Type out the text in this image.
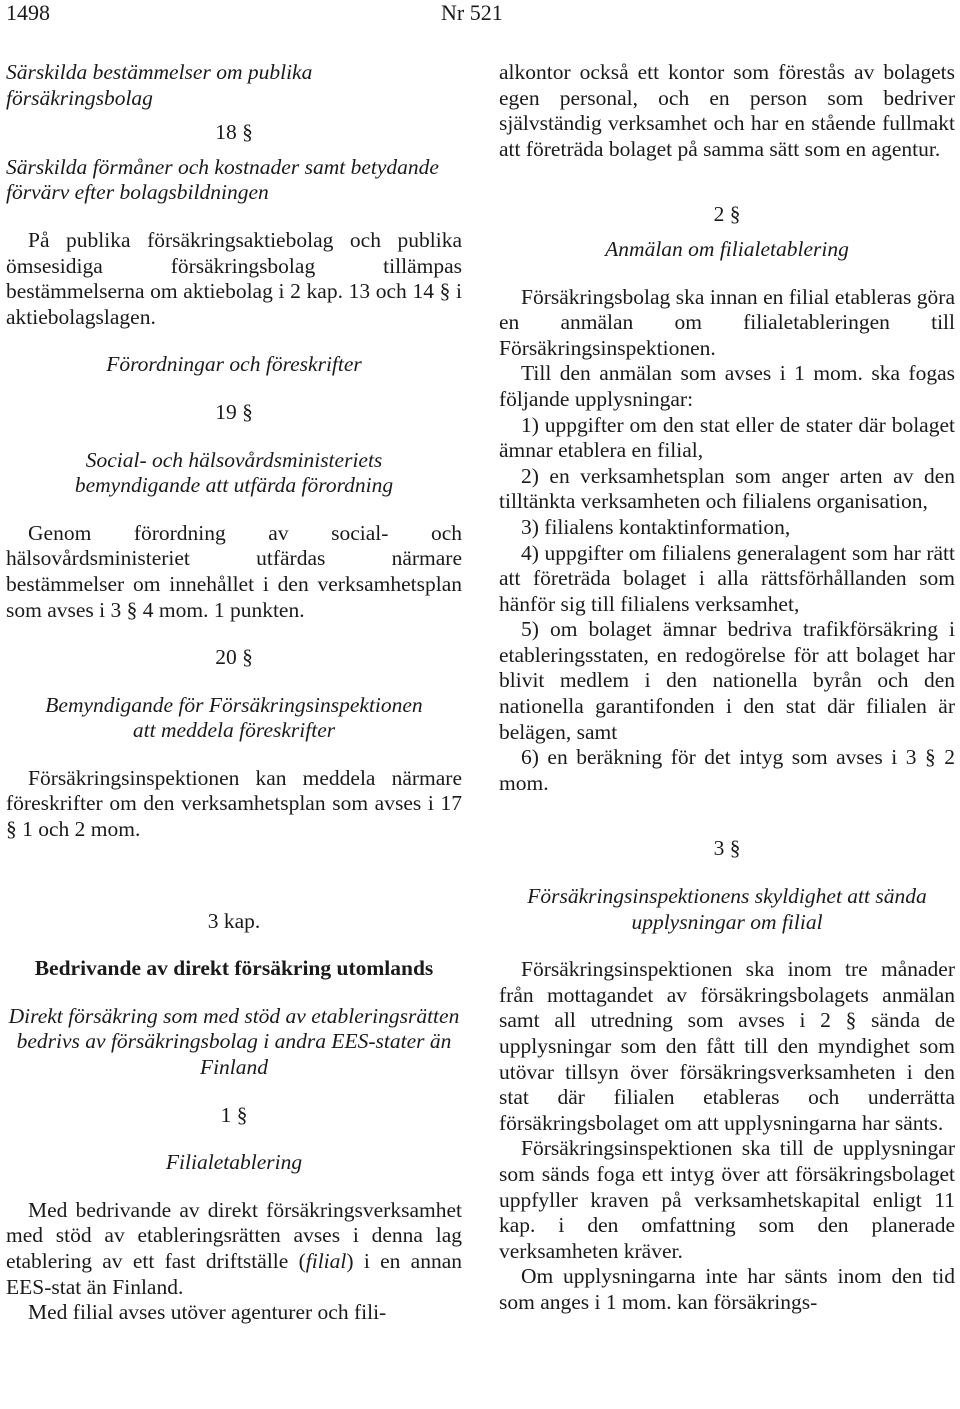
1498	Nr 521

Särskilda bestämmelser om publika försäkringsbolag

18 §

Särskilda förmåner och kostnader samt betydande förvärv efter bolagsbildningen

På publika försäkringsaktiebolag och publika ömsesidiga försäkringsbolag tillämpas bestämmelserna om aktiebolag i 2 kap. 13 och 14 § i aktiebolagslagen.

Förordningar och föreskrifter

19 §

Social- och hälsovårdsministeriets bemyndigande att utfärda förordning

Genom förordning av social- och hälsovårdsministeriet utfärdas närmare bestämmelser om innehållet i den verksamhetsplan som avses i 3 § 4 mom. 1 punkten.

20 §

Bemyndigande för Försäkringsinspektionen att meddela föreskrifter

Försäkringsinspektionen kan meddela närmare föreskrifter om den verksamhetsplan som avses i 17 § 1 och 2 mom.

3 kap.

Bedrivande av direkt försäkring utomlands

Direkt försäkring som med stöd av etableringsrätten bedrivs av försäkringsbolag i andra EES-stater än Finland

1 §

Filialetablering

Med bedrivande av direkt försäkringsverksamhet med stöd av etableringsrätten avses i denna lag etablering av ett fast driftställe (filial) i en annan EES-stat än Finland.

Med filial avses utöver agenturer och fili-

alkontor också ett kontor som förestås av bolagets egen personal, och en person som bedriver självständig verksamhet och har en stående fullmakt att företräda bolaget på samma sätt som en agentur.

2 §

Anmälan om filialetablering

Försäkringsbolag ska innan en filial etableras göra en anmälan om filialetableringen till Försäkringsinspektionen.

Till den anmälan som avses i 1 mom. ska fogas följande upplysningar:

1) uppgifter om den stat eller de stater där bolaget ämnar etablera en filial,

2) en verksamhetsplan som anger arten av den tilltänkta verksamheten och filialens organisation,

3) filialens kontaktinformation,

4) uppgifter om filialens generalagent som har rätt att företräda bolaget i alla rättsförhållanden som hänför sig till filialens verksamhet,

5) om bolaget ämnar bedriva trafikförsäkring i etableringsstaten, en redogörelse för att bolaget har blivit medlem i den nationella byrån och den nationella garantifonden i den stat där filialen är belägen, samt

6) en beräkning för det intyg som avses i 3 § 2 mom.

3 §

Försäkringsinspektionens skyldighet att sända upplysningar om filial

Försäkringsinspektionen ska inom tre månader från mottagandet av försäkringsbolagets anmälan samt all utredning som avses i 2 § sända de upplysningar som den fått till den myndighet som utövar tillsyn över försäkringsverksamheten i den stat där filialen etableras och underrätta försäkringsbolaget om att upplysningarna har sänts.

Försäkringsinspektionen ska till de upplysningar som sänds foga ett intyg över att försäkringsbolaget uppfyller kraven på verksamhetskapital enligt 11 kap. i den omfattning som den planerade verksamheten kräver.

Om upplysningarna inte har sänts inom den tid som anges i 1 mom. kan försäkrings-
